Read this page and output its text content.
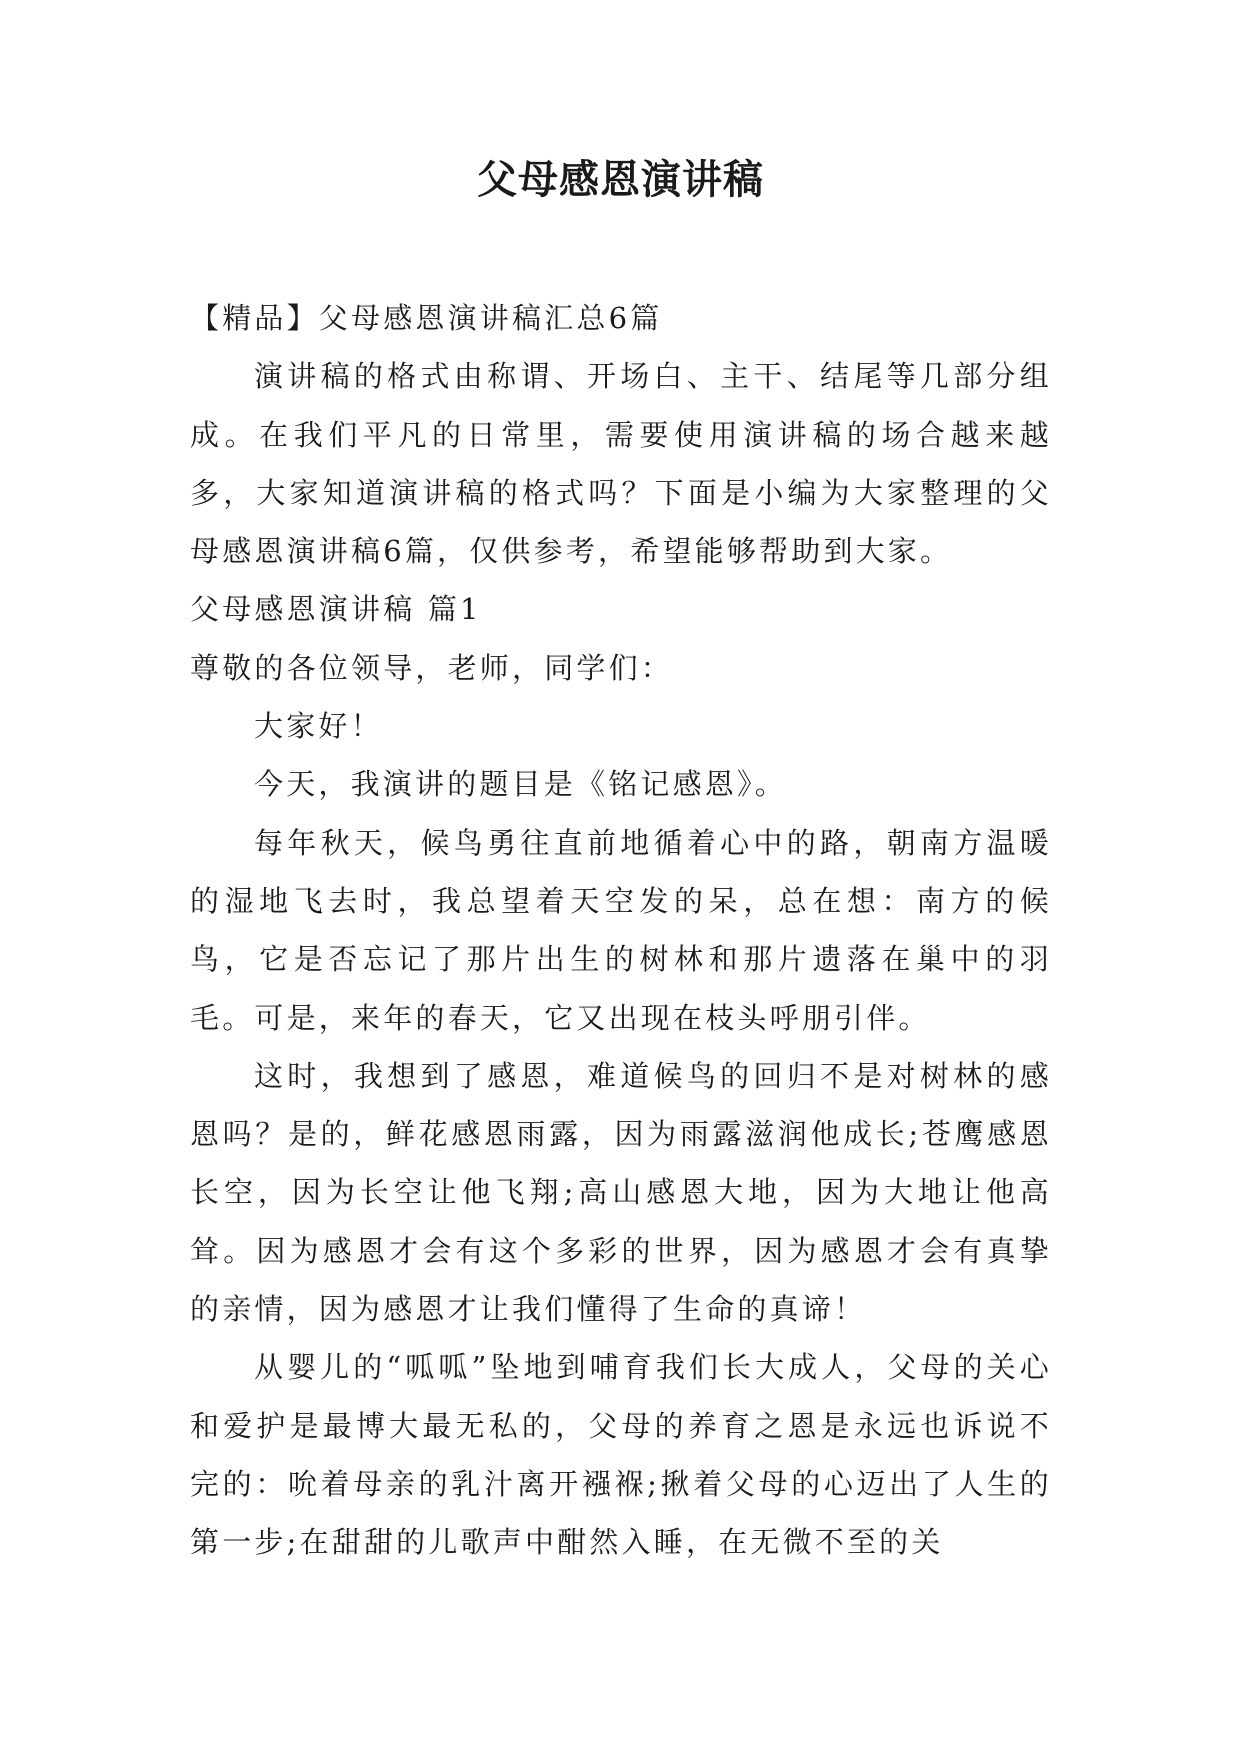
父母感恩演讲稿

【精品】父母感恩演讲稿汇总6篇

演讲稿的格式由称谓、开场白、主干、结尾等几部分组成。在我们平凡的日常里，需要使用演讲稿的场合越来越多，大家知道演讲稿的格式吗？下面是小编为大家整理的父母感恩演讲稿6篇，仅供参考，希望能够帮助到大家。

父母感恩演讲稿 篇1

尊敬的各位领导，老师，同学们：

大家好！

今天，我演讲的题目是《铭记感恩》。

每年秋天，候鸟勇往直前地循着心中的路，朝南方温暖的湿地飞去时，我总望着天空发的呆，总在想：南方的候鸟，它是否忘记了那片出生的树林和那片遗落在巢中的羽毛。可是，来年的春天，它又出现在枝头呼朋引伴。

这时，我想到了感恩，难道候鸟的回归不是对树林的感恩吗？是的，鲜花感恩雨露，因为雨露滋润他成长;苍鹰感恩长空，因为长空让他飞翔;高山感恩大地，因为大地让他高耸。因为感恩才会有这个多彩的世界，因为感恩才会有真挚的亲情，因为感恩才让我们懂得了生命的真谛！

从婴儿的“呱呱”坠地到哺育我们长大成人，父母的关心和爱护是最博大最无私的，父母的养育之恩是永远也诉说不完的：吮着母亲的乳汁离开襁褓;揪着父母的心迈出了人生的第一步;在甜甜的儿歌声中酣然入睡，在无微不至的关
